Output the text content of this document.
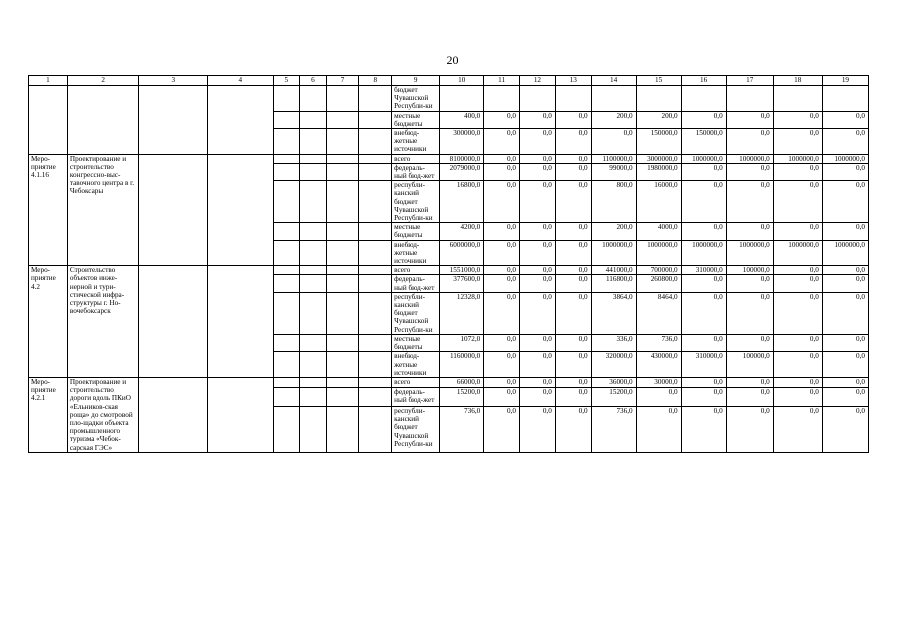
20
1	2	3	4	5	6	7	8	9	10	11	12	13	14	15	16	17	18	19
								бюджет Чувашской Республи-ки										
								местные бюджеты	400,0	0,0	0,0	0,0	200,0	200,0	0,0	0,0	0,0	0,0
								внебюд-жетные источники	300000,0	0,0	0,0	0,0	0,0	150000,0	150000,0	0,0	0,0	0,0
Меро-приятие 4.1.16	Проектирование и строительство конгрессно-выс-тавочного центра в г. Чебоксары							всего	8100000,0	0,0	0,0	0,0	1100000,0	3000000,0	1000000,0	1000000,0	1000000,0	1000000,0
								федераль-ный бюд-жет	2079000,0	0,0	0,0	0,0	99000,0	1980000,0	0,0	0,0	0,0	0,0
								республи-канский бюджет Чувашской Республи-ки	16800,0	0,0	0,0	0,0	800,0	16000,0	0,0	0,0	0,0	0,0
								местные бюджеты	4200,0	0,0	0,0	0,0	200,0	4000,0	0,0	0,0	0,0	0,0
								внебюд-жетные источники	6000000,0	0,0	0,0	0,0	1000000,0	1000000,0	1000000,0	1000000,0	1000000,0	1000000,0
Меро-приятие 4.2	Строительство объектов инже-нерной и тури-стической инфра-структуры г. Но-вочебоксарск							всего	1551000,0	0,0	0,0	0,0	441000,0	700000,0	310000,0	100000,0	0,0	0,0
								федераль-ный бюд-жет	377600,0	0,0	0,0	0,0	116800,0	260800,0	0,0	0,0	0,0	0,0
								республи-канский бюджет Чувашской Республи-ки	12328,0	0,0	0,0	0,0	3864,0	8464,0	0,0	0,0	0,0	0,0
								местные бюджеты	1072,0	0,0	0,0	0,0	336,0	736,0	0,0	0,0	0,0	0,0
								внебюд-жетные источники	1160000,0	0,0	0,0	0,0	320000,0	430000,0	310000,0	100000,0	0,0	0,0
Меро-приятие 4.2.1	Проектирование и строительство дороги вдоль ПКиО «Ельников-ская роща» до смотровой пло-щадки объекта промышленного туризма «Чебок-сарская ГЭС»							всего	66000,0	0,0	0,0	0,0	36000,0	30000,0	0,0	0,0	0,0	0,0
								федераль-ный бюд-жет	15200,0	0,0	0,0	0,0	15200,0	0,0	0,0	0,0	0,0	0,0
								республи-канский бюджет Чувашской Республи-ки	736,0	0,0	0,0	0,0	736,0	0,0	0,0	0,0	0,0	0,0
